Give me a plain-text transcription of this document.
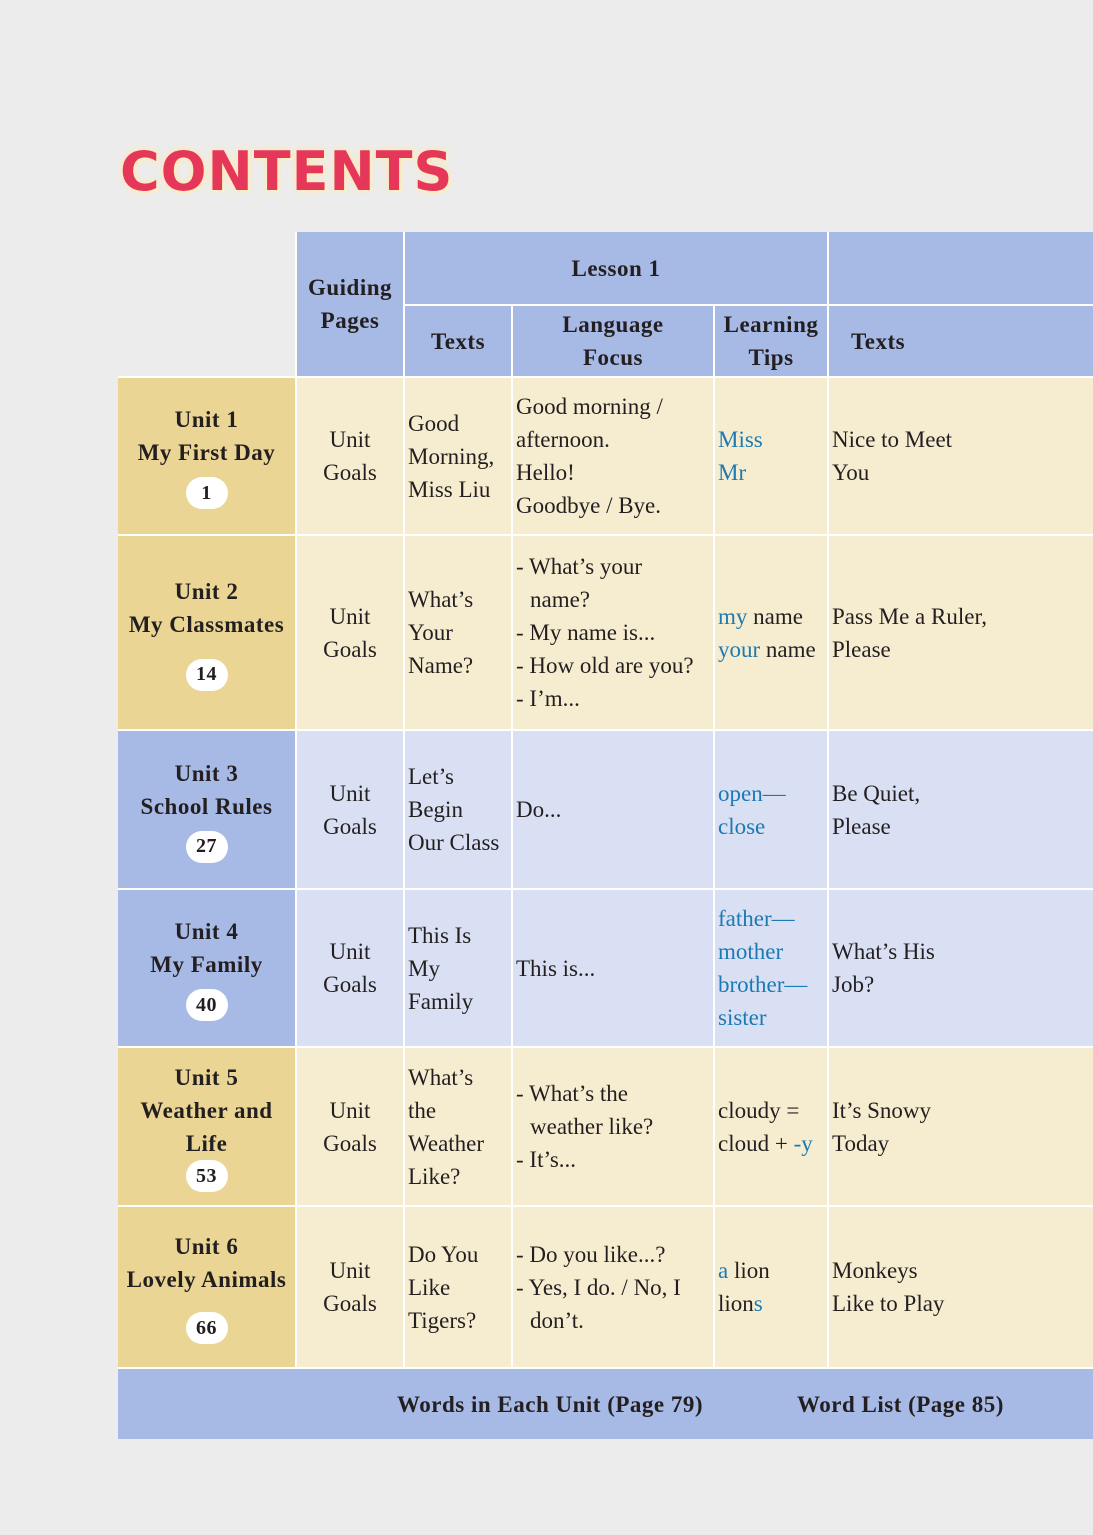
CONTENTS
Guiding
Pages
Lesson 1
Texts
Language
Focus
Learning
Tips
Texts
Unit 1
My First Day
1
Unit
Goals
Good
Morning,
Miss Liu
Good morning /
afternoon.
Hello!
Goodbye / Bye.
Miss
Mr
Nice to Meet
You
Unit 2
My Classmates
14
Unit
Goals
What’s
Your
Name?
- What’s your
name?
- My name is...
- How old are you?
- I’m...
my name
your name
Pass Me a Ruler,
Please
Unit 3
School Rules
27
Unit
Goals
Let’s
Begin
Our Class
Do...
open—
close
Be Quiet,
Please
Unit 4
My Family
40
Unit
Goals
This Is
My
Family
This is...
father—
mother
brother—
sister
What’s His
Job?
Unit 5
Weather and
Life
53
Unit
Goals
What’s
the
Weather
Like?
- What’s the
weather like?
- It’s...
cloudy =
cloud + -y
It’s Snowy
Today
Unit 6
Lovely Animals
66
Unit
Goals
Do You
Like
Tigers?
- Do you like...?
- Yes, I do. / No, I
don’t.
a lion
lions
Monkeys
Like to Play
Words in Each Unit (Page 79)	Word List (Page 85)
